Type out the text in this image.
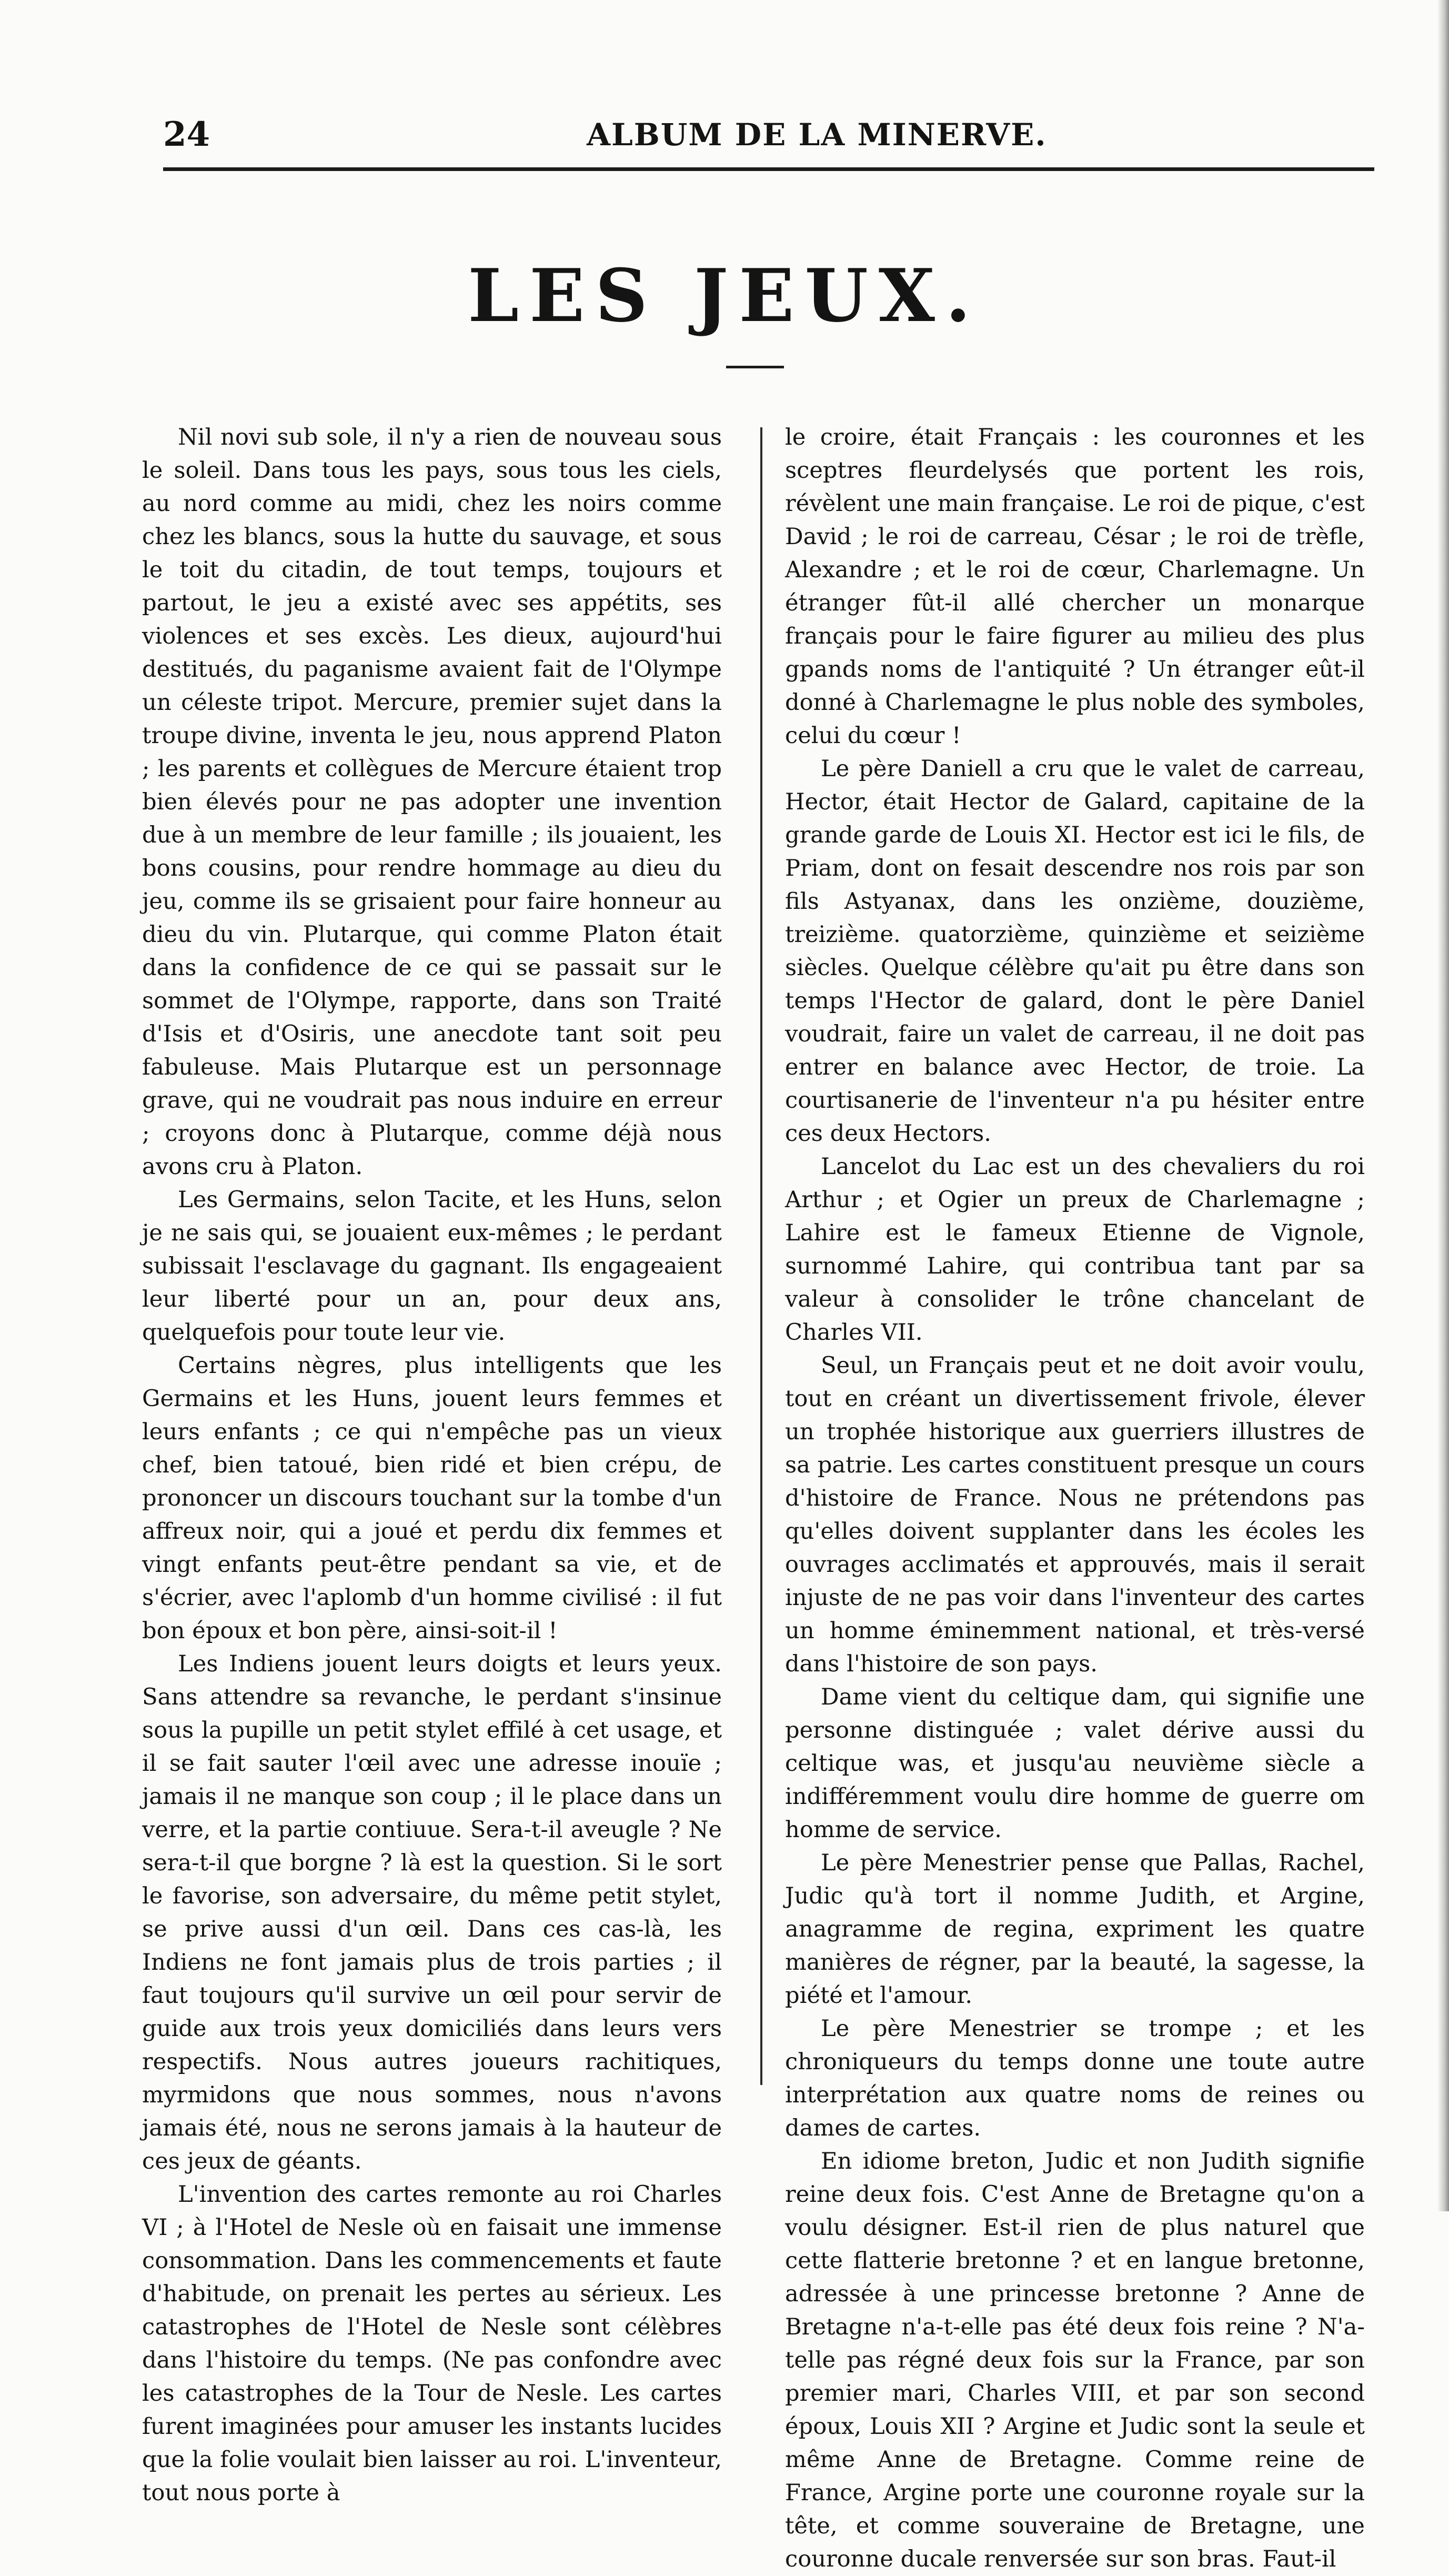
24	ALBUM DE LA MINERVE.
LES JEUX.

Nil novi sub sole, il n'y a rien de nouveau sous le soleil. Dans tous les pays, sous tous les ciels, au nord comme au midi, chez les noirs comme chez les blancs, sous la hutte du sauvage, et sous le toit du citadin, de tout temps, toujours et partout, le jeu a existé avec ses appétits, ses violences et ses excès. Les dieux, aujourd'hui destitués, du paganisme avaient fait de l'Olympe un céleste tripot. Mercure, premier sujet dans la troupe divine, inventa le jeu, nous apprend Platon ; les parents et collègues de Mercure étaient trop bien élevés pour ne pas adopter une invention due à un membre de leur famille ; ils jouaient, les bons cousins, pour rendre hommage au dieu du jeu, comme ils se grisaient pour faire honneur au dieu du vin. Plutarque, qui comme Platon était dans la confidence de ce qui se passait sur le sommet de l'Olympe, rapporte, dans son Traité d'Isis et d'Osiris, une anecdote tant soit peu fabuleuse. Mais Plutarque est un personnage grave, qui ne voudrait pas nous induire en erreur ; croyons donc à Plutarque, comme déjà nous avons cru à Platon.

Les Germains, selon Tacite, et les Huns, selon je ne sais qui, se jouaient eux-mêmes ; le perdant subissait l'esclavage du gagnant. Ils engageaient leur liberté pour un an, pour deux ans, quelquefois pour toute leur vie.

Certains nègres, plus intelligents que les Germains et les Huns, jouent leurs femmes et leurs enfants ; ce qui n'empêche pas un vieux chef, bien tatoué, bien ridé et bien crépu, de prononcer un discours touchant sur la tombe d'un affreux noir, qui a joué et perdu dix femmes et vingt enfants peut-être pendant sa vie, et de s'écrier, avec l'aplomb d'un homme civilisé : il fut bon époux et bon père, ainsi-soit-il !

Les Indiens jouent leurs doigts et leurs yeux. Sans attendre sa revanche, le perdant s'insinue sous la pupille un petit stylet effilé à cet usage, et il se fait sauter l'œil avec une adresse inouïe ; jamais il ne manque son coup ; il le place dans un verre, et la partie contiuue. Sera-t-il aveugle ? Ne sera-t-il que borgne ? là est la question. Si le sort le favorise, son adversaire, du même petit stylet, se prive aussi d'un œil. Dans ces cas-là, les Indiens ne font jamais plus de trois parties ; il faut toujours qu'il survive un œil pour servir de guide aux trois yeux domiciliés dans leurs vers respectifs. Nous autres joueurs rachitiques, myrmidons que nous sommes, nous n'avons jamais été, nous ne serons jamais à la hauteur de ces jeux de géants.

L'invention des cartes remonte au roi Charles VI ; à l'Hotel de Nesle où en faisait une immense consommation. Dans les commencements et faute d'habitude, on prenait les pertes au sérieux. Les catastrophes de l'Hotel de Nesle sont célèbres dans l'histoire du temps. (Ne pas confondre avec les catastrophes de la Tour de Nesle. Les cartes furent imaginées pour amuser les instants lucides que la folie voulait bien laisser au roi. L'inventeur, tout nous porte à

le croire, était Français : les couronnes et les sceptres fleurdelysés que portent les rois, révèlent une main française. Le roi de pique, c'est David ; le roi de carreau, César ; le roi de trèfle, Alexandre ; et le roi de cœur, Charlemagne. Un étranger fût-il allé chercher un monarque français pour le faire figurer au milieu des plus gpands noms de l'antiquité ? Un étranger eût-il donné à Charlemagne le plus noble des symboles, celui du cœur !

Le père Daniell a cru que le valet de carreau, Hector, était Hector de Galard, capitaine de la grande garde de Louis XI. Hector est ici le fils, de Priam, dont on fesait descendre nos rois par son fils Astyanax, dans les onzième, douzième, treizième. quatorzième, quinzième et seizième siècles. Quelque célèbre qu'ait pu être dans son temps l'Hector de galard, dont le père Daniel voudrait, faire un valet de carreau, il ne doit pas entrer en balance avec Hector, de troie. La courtisanerie de l'inventeur n'a pu hésiter entre ces deux Hectors.

Lancelot du Lac est un des chevaliers du roi Arthur ; et Ogier un preux de Charlemagne ; Lahire est le fameux Etienne de Vignole, surnommé Lahire, qui contribua tant par sa valeur à consolider le trône chancelant de Charles VII.

Seul, un Français peut et ne doit avoir voulu, tout en créant un divertissement frivole, élever un trophée historique aux guerriers illustres de sa patrie. Les cartes constituent presque un cours d'histoire de France. Nous ne prétendons pas qu'elles doivent supplanter dans les écoles les ouvrages acclimatés et approuvés, mais il serait injuste de ne pas voir dans l'inventeur des cartes un homme éminemment national, et très-versé dans l'histoire de son pays.

Dame vient du celtique dam, qui signifie une personne distinguée ; valet dérive aussi du celtique was, et jusqu'au neuvième siècle a indifféremment voulu dire homme de guerre om homme de service.

Le père Menestrier pense que Pallas, Rachel, Judic qu'à tort il nomme Judith, et Argine, anagramme de regina, expriment les quatre manières de régner, par la beauté, la sagesse, la piété et l'amour.

Le père Menestrier se trompe ; et les chroniqueurs du temps donne une toute autre interprétation aux quatre noms de reines ou dames de cartes.

En idiome breton, Judic et non Judith signifie reine deux fois. C'est Anne de Bretagne qu'on a voulu désigner. Est-il rien de plus naturel que cette flatterie bretonne ? et en langue bretonne, adressée à une princesse bretonne ? Anne de Bretagne n'a-t-elle pas été deux fois reine ? N'a-telle pas régné deux fois sur la France, par son premier mari, Charles VIII, et par son second époux, Louis XII ? Argine et Judic sont la seule et même Anne de Bretagne. Comme reine de France, Argine porte une couronne royale sur la tête, et comme souveraine de Bretagne, une couronne ducale renversée sur son bras. Faut-il
